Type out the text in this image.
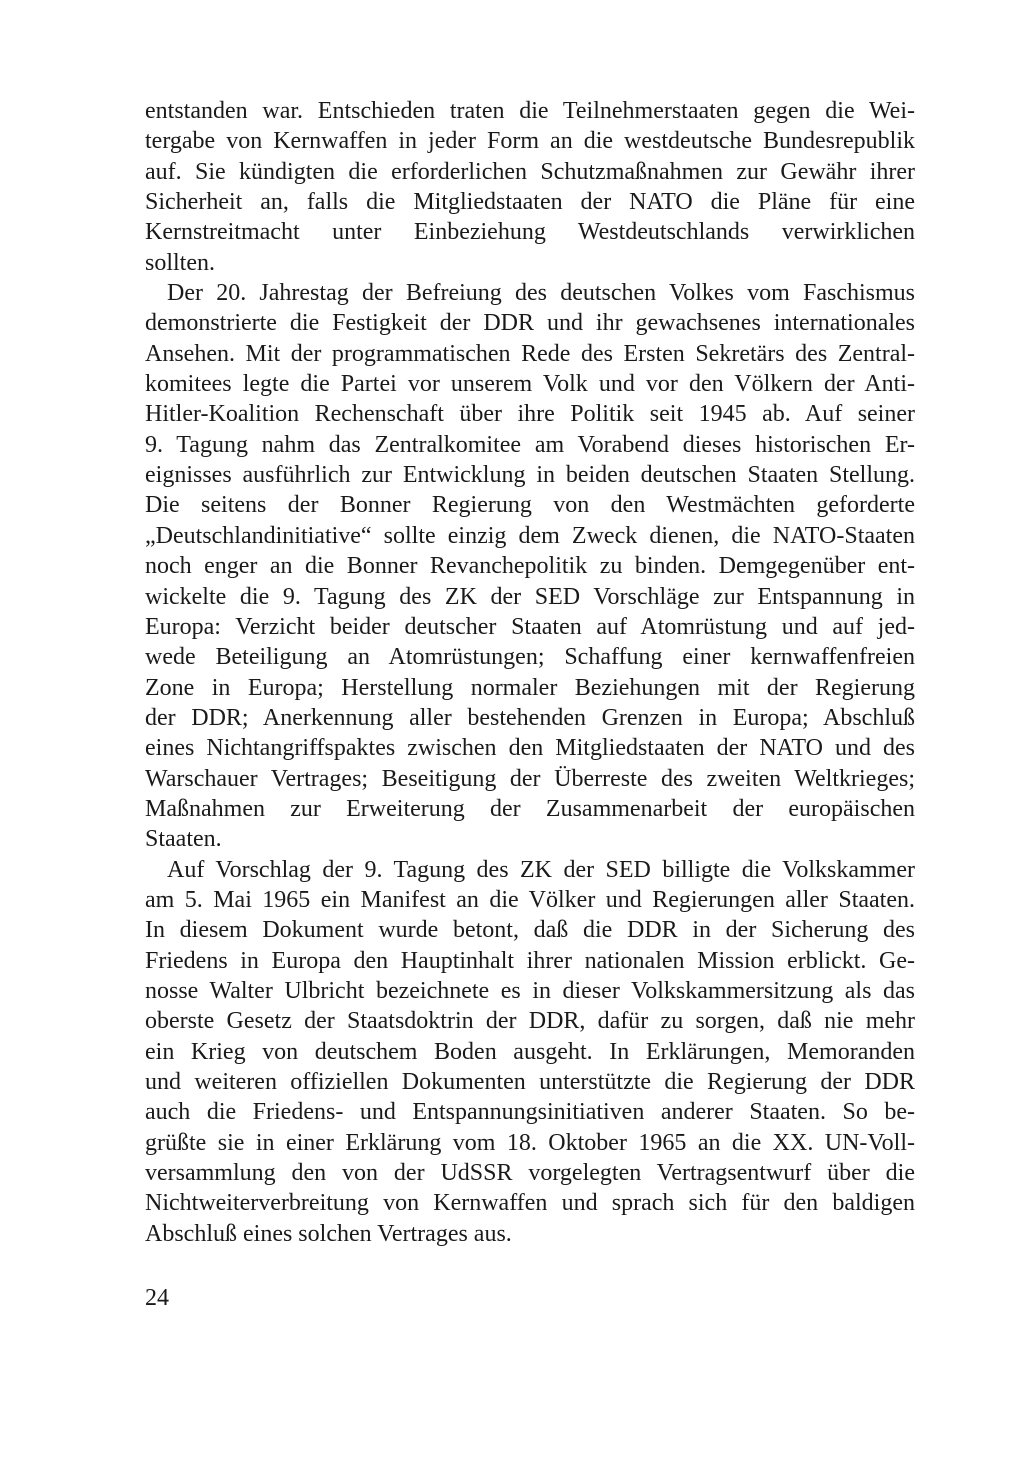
entstanden war. Entschieden traten die Teilnehmerstaaten gegen die Wei-
tergabe von Kernwaffen in jeder Form an die westdeutsche Bundesrepublik
auf. Sie kündigten die erforderlichen Schutzmaßnahmen zur Gewähr ihrer
Sicherheit an, falls die Mitgliedstaaten der NATO die Pläne für eine
Kernstreitmacht unter Einbeziehung Westdeutschlands verwirklichen
sollten.
Der 20. Jahrestag der Befreiung des deutschen Volkes vom Faschismus
demonstrierte die Festigkeit der DDR und ihr gewachsenes internationales
Ansehen. Mit der programmatischen Rede des Ersten Sekretärs des Zentral-
komitees legte die Partei vor unserem Volk und vor den Völkern der Anti-
Hitler-Koalition Rechenschaft über ihre Politik seit 1945 ab. Auf seiner
9. Tagung nahm das Zentralkomitee am Vorabend dieses historischen Er-
eignisses ausführlich zur Entwicklung in beiden deutschen Staaten Stellung.
Die seitens der Bonner Regierung von den Westmächten geforderte
„Deutschlandinitiative“ sollte einzig dem Zweck dienen, die NATO-Staaten
noch enger an die Bonner Revanchepolitik zu binden. Demgegenüber ent-
wickelte die 9. Tagung des ZK der SED Vorschläge zur Entspannung in
Europa: Verzicht beider deutscher Staaten auf Atomrüstung und auf jed-
wede Beteiligung an Atomrüstungen; Schaffung einer kernwaffenfreien
Zone in Europa; Herstellung normaler Beziehungen mit der Regierung
der DDR; Anerkennung aller bestehenden Grenzen in Europa; Abschluß
eines Nichtangriffspaktes zwischen den Mitgliedstaaten der NATO und des
Warschauer Vertrages; Beseitigung der Überreste des zweiten Weltkrieges;
Maßnahmen zur Erweiterung der Zusammenarbeit der europäischen
Staaten.
Auf Vorschlag der 9. Tagung des ZK der SED billigte die Volkskammer
am 5. Mai 1965 ein Manifest an die Völker und Regierungen aller Staaten.
In diesem Dokument wurde betont, daß die DDR in der Sicherung des
Friedens in Europa den Hauptinhalt ihrer nationalen Mission erblickt. Ge-
nosse Walter Ulbricht bezeichnete es in dieser Volkskammersitzung als das
oberste Gesetz der Staatsdoktrin der DDR, dafür zu sorgen, daß nie mehr
ein Krieg von deutschem Boden ausgeht. In Erklärungen, Memoranden
und weiteren offiziellen Dokumenten unterstützte die Regierung der DDR
auch die Friedens- und Entspannungsinitiativen anderer Staaten. So be-
grüßte sie in einer Erklärung vom 18. Oktober 1965 an die XX. UN-Voll-
versammlung den von der UdSSR vorgelegten Vertragsentwurf über die
Nichtweiterverbreitung von Kernwaffen und sprach sich für den baldigen
Abschluß eines solchen Vertrages aus.
24
